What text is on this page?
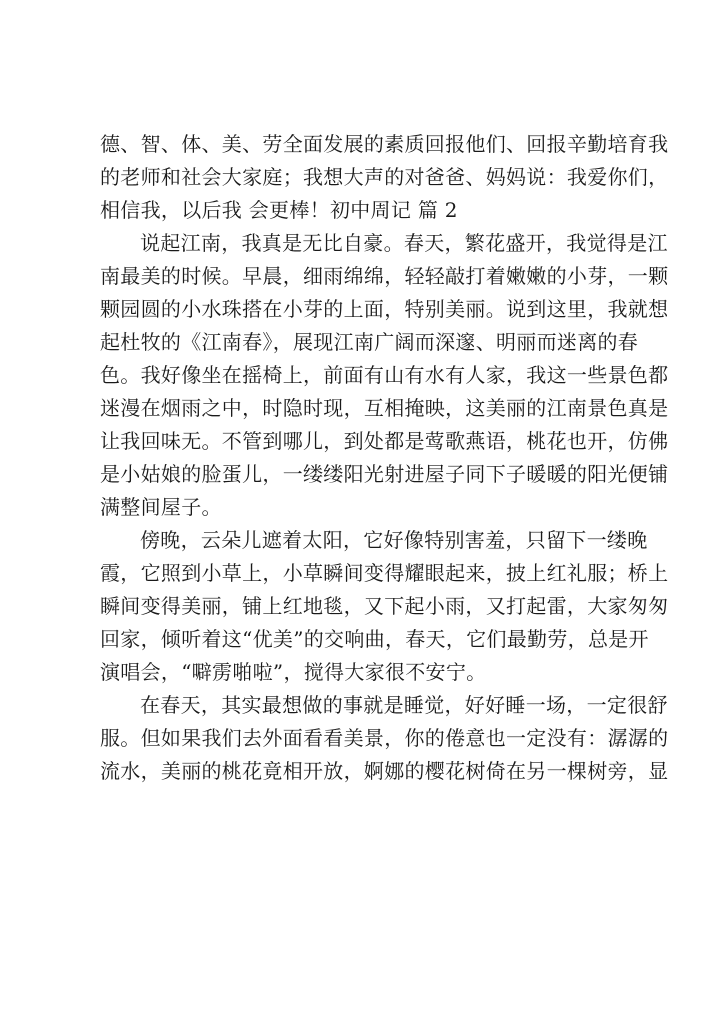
德、智、体、美、劳全面发展的素质回报他们、回报辛勤培育我
的老师和社会大家庭；我想大声的对爸爸、妈妈说：我爱你们，
相信我，以后我 会更棒！初中周记 篇 2
说起江南，我真是无比自豪。春天，繁花盛开，我觉得是江
南最美的时候。早晨，细雨绵绵，轻轻敲打着嫩嫩的小芽，一颗
颗园圆的小水珠搭在小芽的上面，特别美丽。说到这里，我就想
起杜牧的《江南春》，展现江南广阔而深邃、明丽而迷离的春
色。我好像坐在摇椅上，前面有山有水有人家，我这一些景色都
迷漫在烟雨之中，时隐时现，互相掩映，这美丽的江南景色真是
让我回味无。不管到哪儿，到处都是莺歌燕语，桃花也开，仿佛
是小姑娘的脸蛋儿，一缕缕阳光射进屋子同下子暖暖的阳光便铺
满整间屋子。
傍晚，云朵儿遮着太阳，它好像特别害羞，只留下一缕晚
霞，它照到小草上，小草瞬间变得耀眼起来，披上红礼服；桥上
瞬间变得美丽，铺上红地毯，又下起小雨，又打起雷，大家匆匆
回家，倾听着这“优美”的交响曲，春天，它们最勤劳，总是开
演唱会，“噼雳啪啦”，搅得大家很不安宁。
在春天，其实最想做的事就是睡觉，好好睡一场，一定很舒
服。但如果我们去外面看看美景，你的倦意也一定没有：潺潺的
流水，美丽的桃花竟相开放，婀娜的樱花树倚在另一棵树旁，显
